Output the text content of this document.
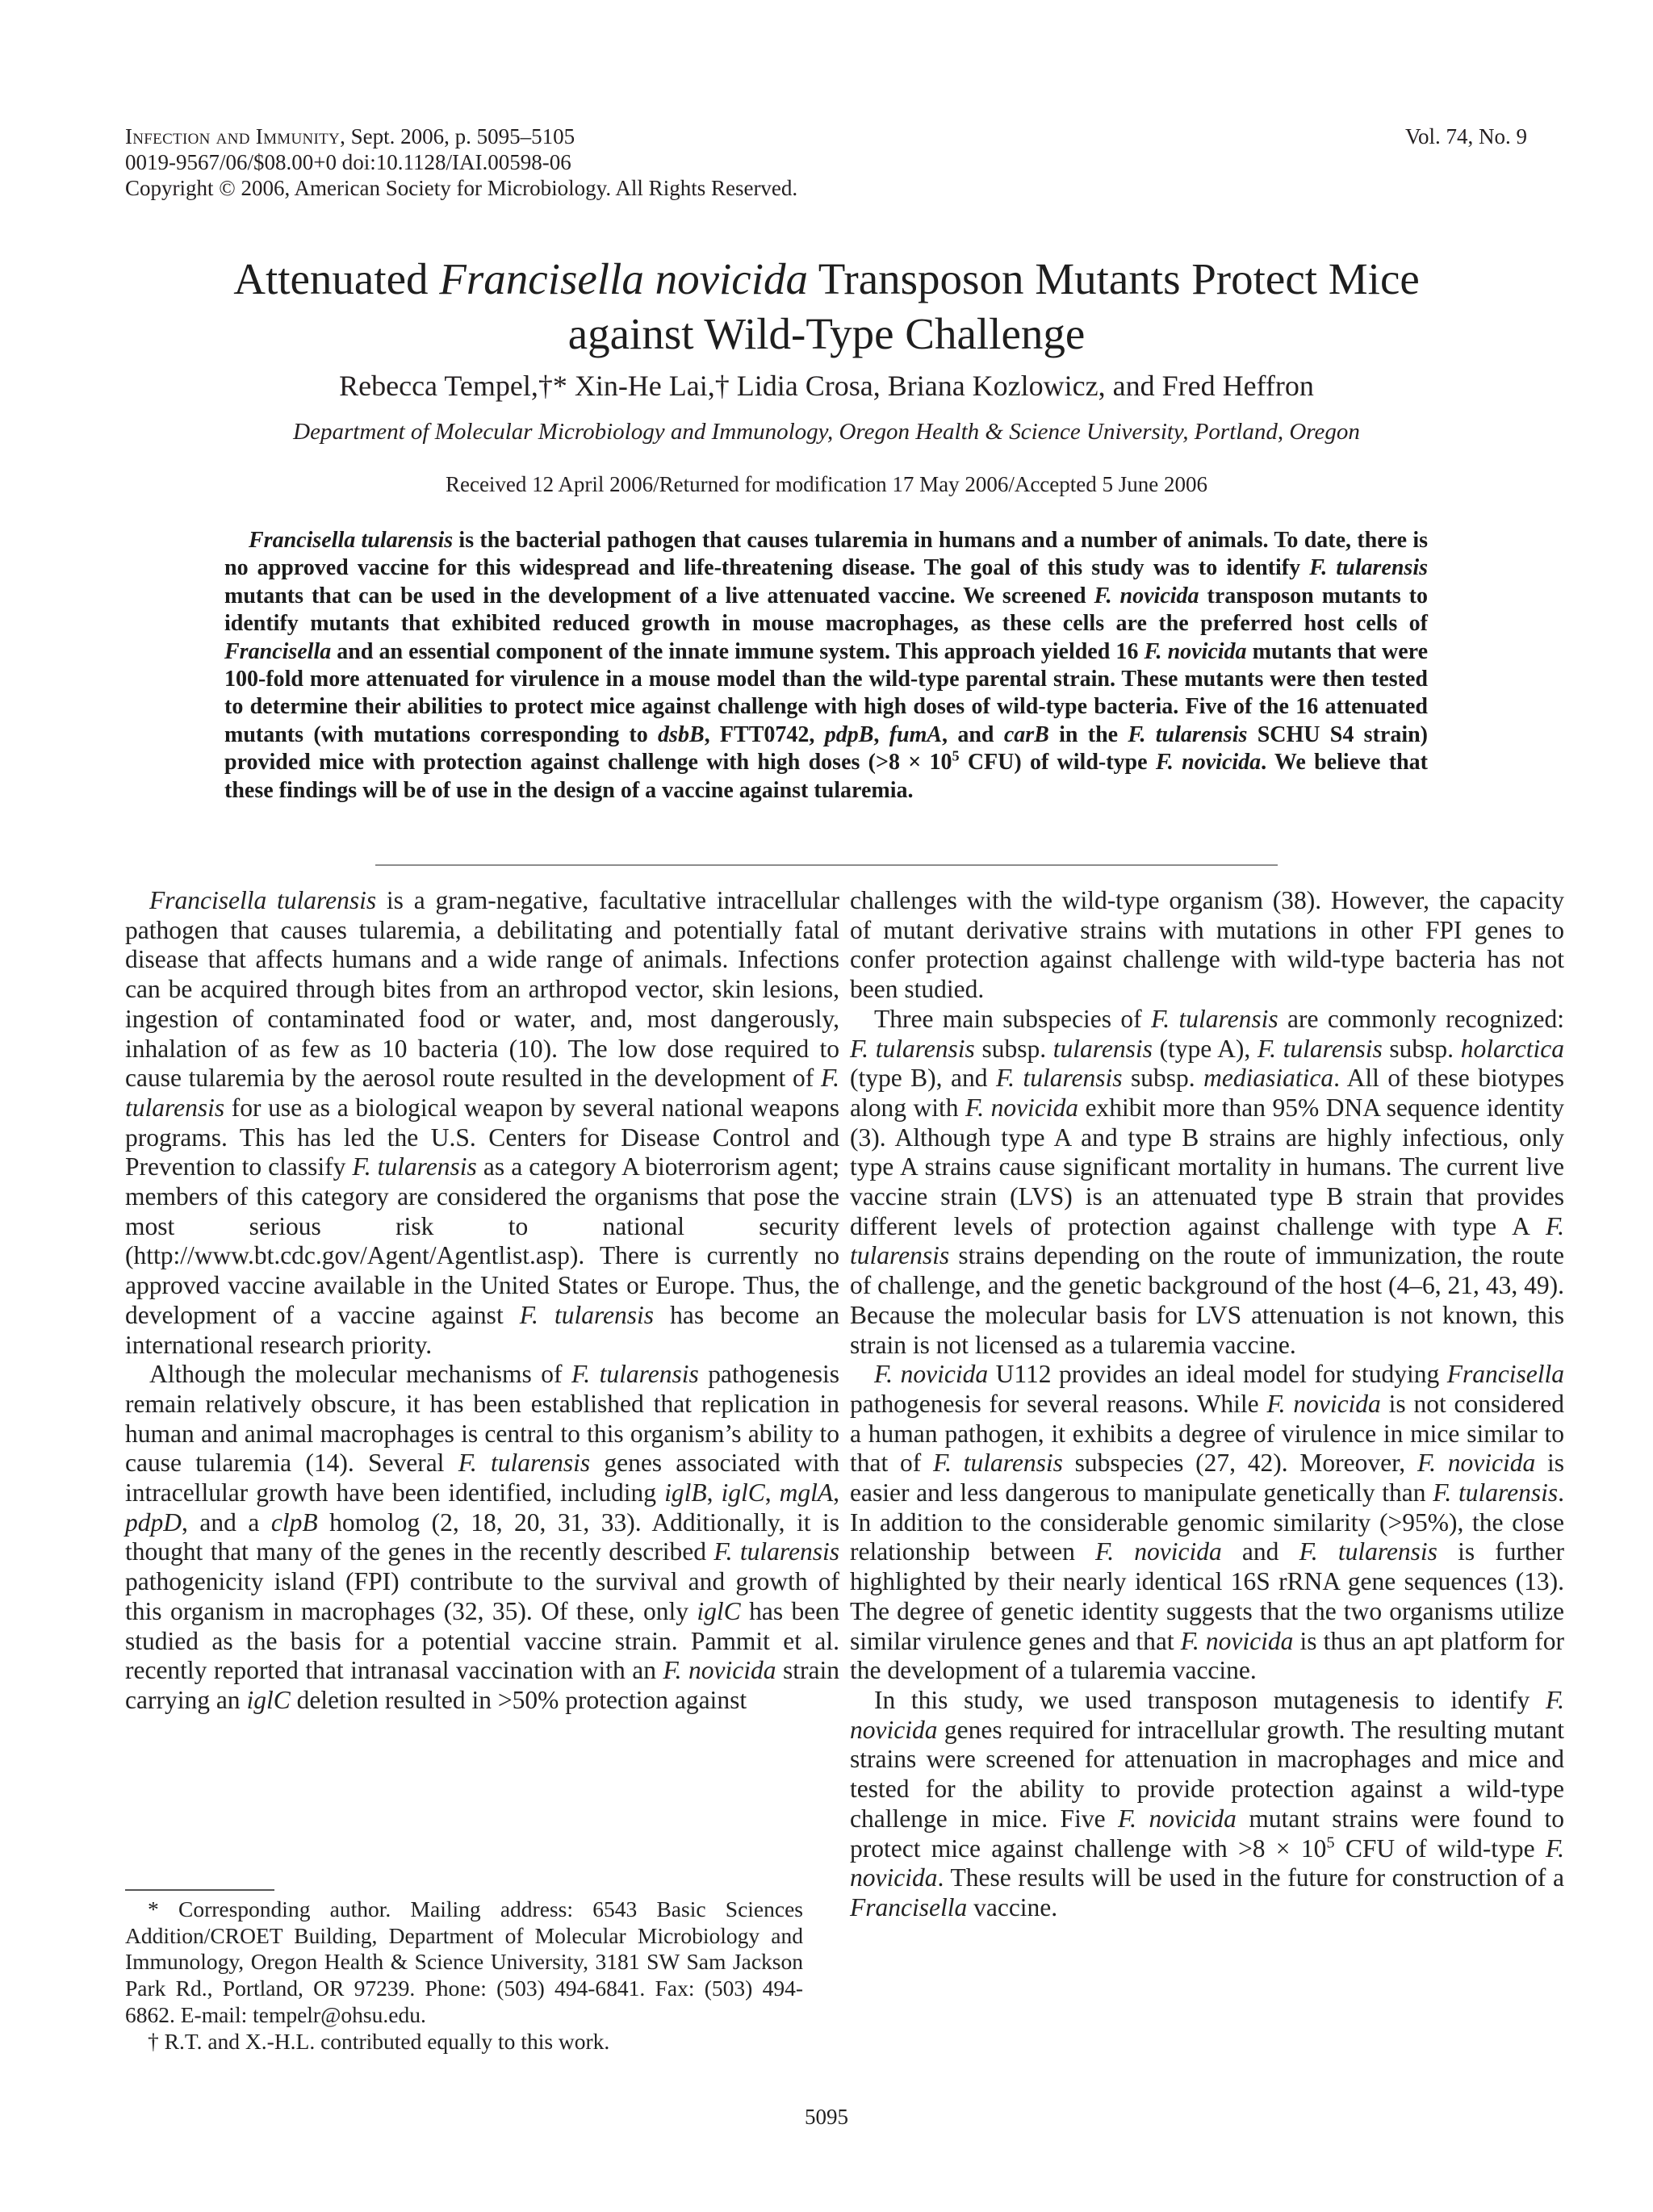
Infection and Immunity, Sept. 2006, p. 5095–5105
0019-9567/06/$08.00+0 doi:10.1128/IAI.00598-06
Copyright © 2006, American Society for Microbiology. All Rights Reserved.
Vol. 74, No. 9
Attenuated Francisella novicida Transposon Mutants Protect Mice
against Wild-Type Challenge
Rebecca Tempel,†* Xin-He Lai,† Lidia Crosa, Briana Kozlowicz, and Fred Heffron
Department of Molecular Microbiology and Immunology, Oregon Health & Science University, Portland, Oregon
Received 12 April 2006/Returned for modification 17 May 2006/Accepted 5 June 2006
Francisella tularensis is the bacterial pathogen that causes tularemia in humans and a number of animals. To date, there is no approved vaccine for this widespread and life-threatening disease. The goal of this study was to identify F. tularensis mutants that can be used in the development of a live attenuated vaccine. We screened F. novicida transposon mutants to identify mutants that exhibited reduced growth in mouse macrophages, as these cells are the preferred host cells of Francisella and an essential component of the innate immune system. This approach yielded 16 F. novicida mutants that were 100-fold more attenuated for virulence in a mouse model than the wild-type parental strain. These mutants were then tested to determine their abilities to protect mice against challenge with high doses of wild-type bacteria. Five of the 16 attenuated mutants (with mutations corresponding to dsbB, FTT0742, pdpB, fumA, and carB in the F. tularensis SCHU S4 strain) provided mice with protection against challenge with high doses ($>8 \times 10^5$ CFU) of wild-type F. novicida. We believe that these findings will be of use in the design of a vaccine against tularemia.

Francisella tularensis is a gram-negative, facultative intracellular pathogen that causes tularemia, a debilitating and potentially fatal disease that affects humans and a wide range of animals. Infections can be acquired through bites from an arthropod vector, skin lesions, ingestion of contaminated food or water, and, most dangerously, inhalation of as few as 10 bacteria (10). The low dose required to cause tularemia by the aerosol route resulted in the development of F. tularensis for use as a biological weapon by several national weapons programs. This has led the U.S. Centers for Disease Control and Prevention to classify F. tularensis as a category A bioterrorism agent; members of this category are considered the organisms that pose the most serious risk to national security (http://www.bt.cdc.gov/Agent/Agentlist.asp). There is currently no approved vaccine available in the United States or Europe. Thus, the development of a vaccine against F. tularensis has become an international research priority.

Although the molecular mechanisms of F. tularensis pathogenesis remain relatively obscure, it has been established that replication in human and animal macrophages is central to this organism’s ability to cause tularemia (14). Several F. tularensis genes associated with intracellular growth have been identified, including iglB, iglC, mglA, pdpD, and a clpB homolog (2, 18, 20, 31, 33). Additionally, it is thought that many of the genes in the recently described F. tularensis pathogenicity island (FPI) contribute to the survival and growth of this organism in macrophages (32, 35). Of these, only iglC has been studied as the basis for a potential vaccine strain. Pammit et al. recently reported that intranasal vaccination with an F. novicida strain carrying an iglC deletion resulted in >50% protection against

* Corresponding author. Mailing address: 6543 Basic Sciences Addition/CROET Building, Department of Molecular Microbiology and Immunology, Oregon Health & Science University, 3181 SW Sam Jackson Park Rd., Portland, OR 97239. Phone: (503) 494-6841. Fax: (503) 494-6862. E-mail: tempelr@ohsu.edu.

† R.T. and X.-H.L. contributed equally to this work.

challenges with the wild-type organism (38). However, the capacity of mutant derivative strains with mutations in other FPI genes to confer protection against challenge with wild-type bacteria has not been studied.

Three main subspecies of F. tularensis are commonly recognized: F. tularensis subsp. tularensis (type A), F. tularensis subsp. holarctica (type B), and F. tularensis subsp. mediasiatica. All of these biotypes along with F. novicida exhibit more than 95% DNA sequence identity (3). Although type A and type B strains are highly infectious, only type A strains cause significant mortality in humans. The current live vaccine strain (LVS) is an attenuated type B strain that provides different levels of protection against challenge with type A F. tularensis strains depending on the route of immunization, the route of challenge, and the genetic background of the host (4–6, 21, 43, 49). Because the molecular basis for LVS attenuation is not known, this strain is not licensed as a tularemia vaccine.

F. novicida U112 provides an ideal model for studying Francisella pathogenesis for several reasons. While F. novicida is not considered a human pathogen, it exhibits a degree of virulence in mice similar to that of F. tularensis subspecies (27, 42). Moreover, F. novicida is easier and less dangerous to manipulate genetically than F. tularensis. In addition to the considerable genomic similarity (>95%), the close relationship between F. novicida and F. tularensis is further highlighted by their nearly identical 16S rRNA gene sequences (13). The degree of genetic identity suggests that the two organisms utilize similar virulence genes and that F. novicida is thus an apt platform for the development of a tularemia vaccine.

In this study, we used transposon mutagenesis to identify F. novicida genes required for intracellular growth. The resulting mutant strains were screened for attenuation in macrophages and mice and tested for the ability to provide protection against a wild-type challenge in mice. Five F. novicida mutant strains were found to protect mice against challenge with $>8 \times 10^5$ CFU of wild-type F. novicida. These results will be used in the future for construction of a Francisella vaccine.

5095
